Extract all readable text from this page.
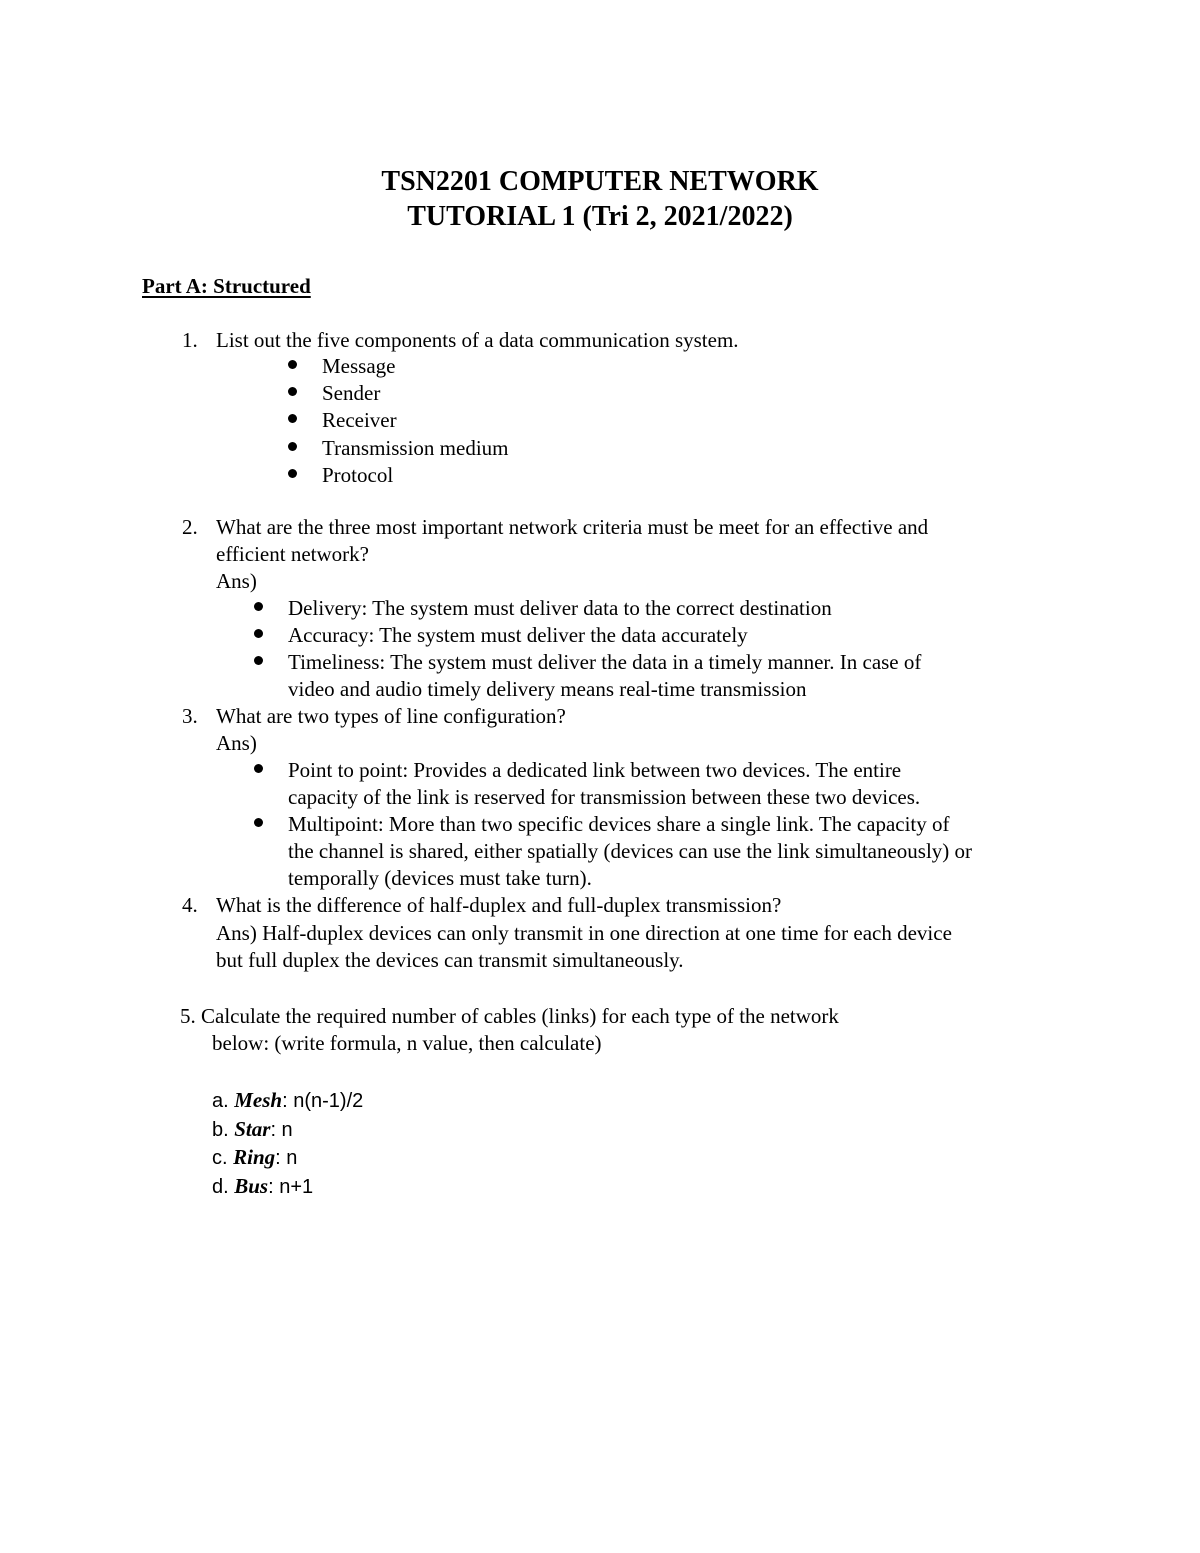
TSN2201 COMPUTER NETWORK
TUTORIAL 1 (Tri 2, 2021/2022)
Part A: Structured
1. List out the five components of a data communication system.
Message
Sender
Receiver
Transmission medium
Protocol
2. What are the three most important network criteria must be meet for an effective and
efficient network?
Ans)
Delivery: The system must deliver data to the correct destination
Accuracy: The system must deliver the data accurately
Timeliness: The system must deliver the data in a timely manner. In case of
video and audio timely delivery means real-time transmission
3. What are two types of line configuration?
Ans)
Point to point: Provides a dedicated link between two devices. The entire
capacity of the link is reserved for transmission between these two devices.
Multipoint: More than two specific devices share a single link. The capacity of
the channel is shared, either spatially (devices can use the link simultaneously) or
temporally (devices must take turn).
4. What is the difference of half-duplex and full-duplex transmission?
Ans) Half-duplex devices can only transmit in one direction at one time for each device
but full duplex the devices can transmit simultaneously.
5. Calculate the required number of cables (links) for each type of the network
below: (write formula, n value, then calculate)
a. Mesh: n(n-1)/2
b. Star: n
c. Ring: n
d. Bus: n+1
